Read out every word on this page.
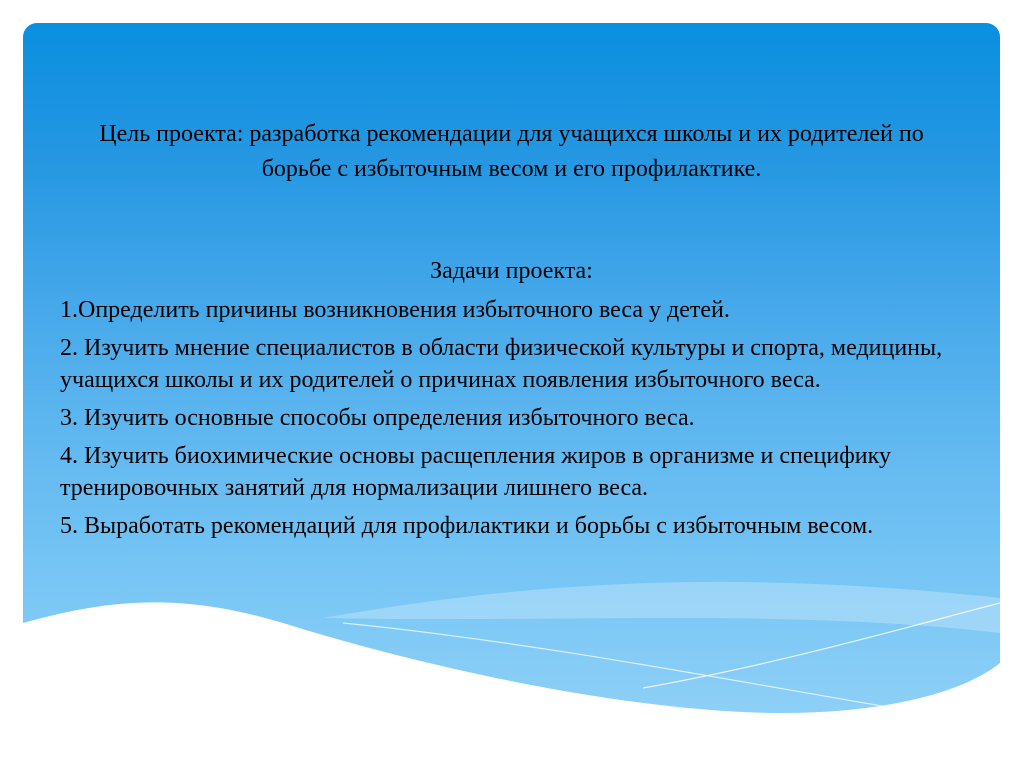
Цель проекта: разработка рекомендации для учащихся школы и их родителей по борьбе с избыточным весом и его профилактике.
Задачи проекта:
1.Определить причины возникновения избыточного веса у детей.
2. Изучить мнение специалистов в области физической культуры и спорта, медицины, учащихся школы и их родителей о причинах появления избыточного веса.
3. Изучить основные способы определения избыточного веса.
4. Изучить биохимические основы расщепления жиров в организме и специфику тренировочных занятий для нормализации лишнего веса.
5. Выработать рекомендаций для профилактики и борьбы с избыточным весом.
